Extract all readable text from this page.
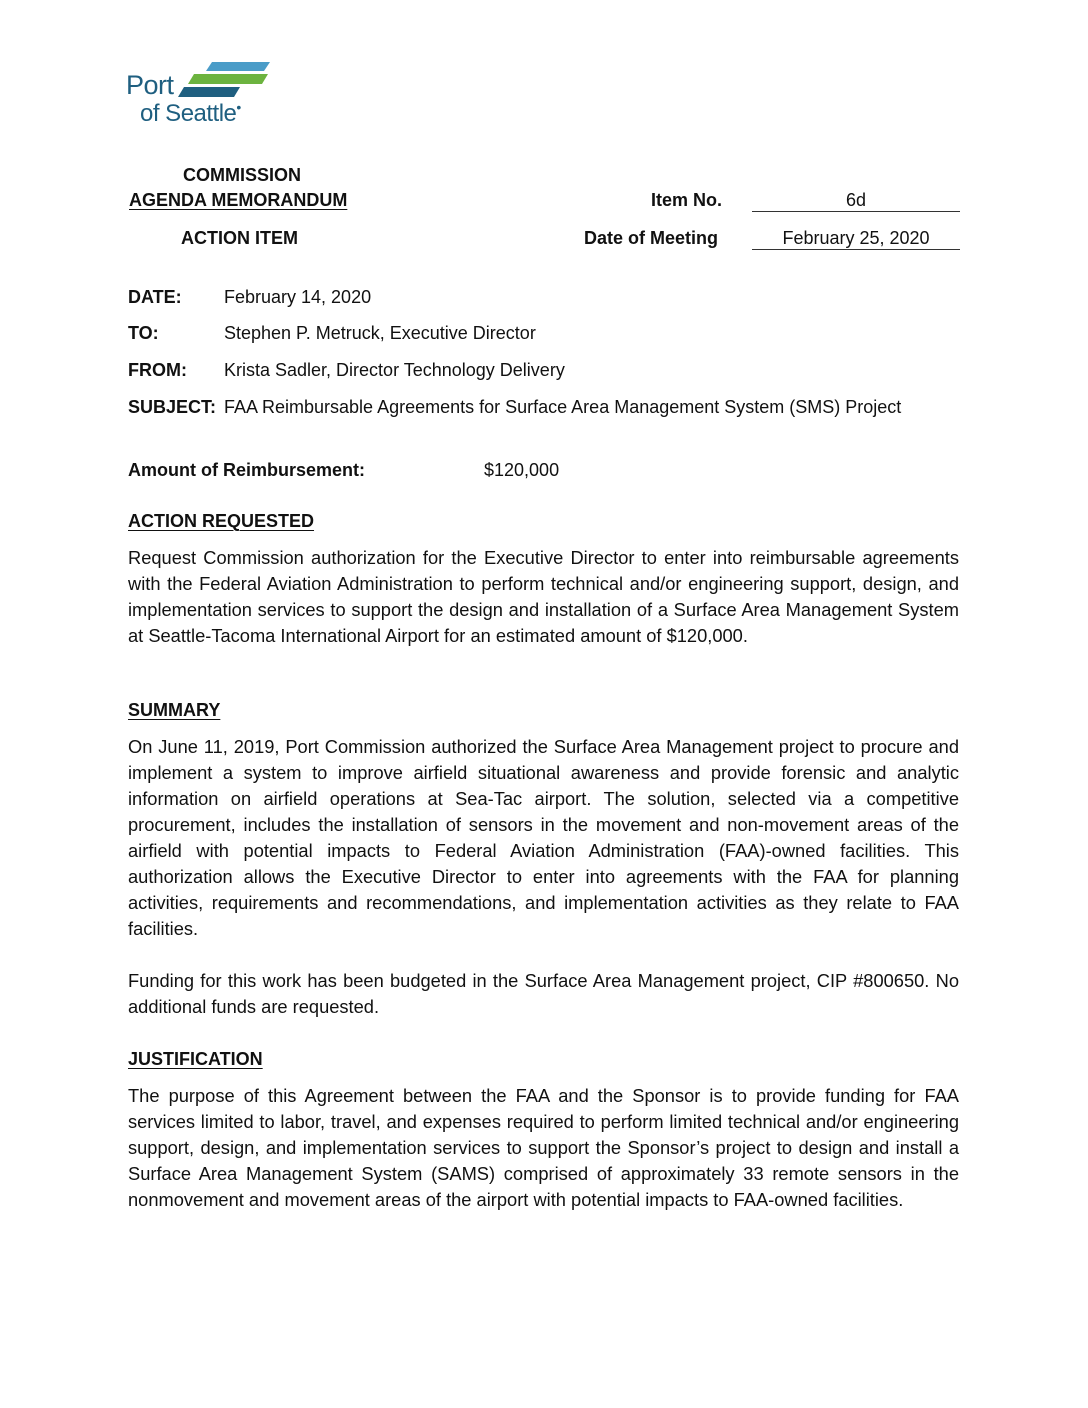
Port
of Seattle•
COMMISSION
AGENDA MEMORANDUM
ACTION ITEM
Item No.	6d
Date of Meeting	February 25, 2020
DATE: February 14, 2020
TO:	Stephen P. Metruck, Executive Director
FROM: Krista Sadler, Director Technology Delivery
SUBJECT: FAA Reimbursable Agreements for Surface Area Management System (SMS) Project
Amount of Reimbursement:	$120,000
ACTION REQUESTED
Request Commission authorization for the Executive Director to enter into reimbursable agreements with the Federal Aviation Administration to perform technical and/or engineering support, design, and implementation services to support the design and installation of a Surface Area Management System at Seattle-Tacoma International Airport for an estimated amount of $120,000.
SUMMARY
On June 11, 2019, Port Commission authorized the Surface Area Management project to procure and implement a system to improve airfield situational awareness and provide forensic and analytic information on airfield operations at Sea-Tac airport. The solution, selected via a competitive procurement, includes the installation of sensors in the movement and non-movement areas of the airfield with potential impacts to Federal Aviation Administration (FAA)-owned facilities. This authorization allows the Executive Director to enter into agreements with the FAA for planning activities, requirements and recommendations, and implementation activities as they relate to FAA facilities.
Funding for this work has been budgeted in the Surface Area Management project, CIP #800650. No additional funds are requested.
JUSTIFICATION
The purpose of this Agreement between the FAA and the Sponsor is to provide funding for FAA services limited to labor, travel, and expenses required to perform limited technical and/or engineering support, design, and implementation services to support the Sponsor’s project to design and install a Surface Area Management System (SAMS) comprised of approximately 33 remote sensors in the nonmovement and movement areas of the airport with potential impacts to FAA-owned facilities.
